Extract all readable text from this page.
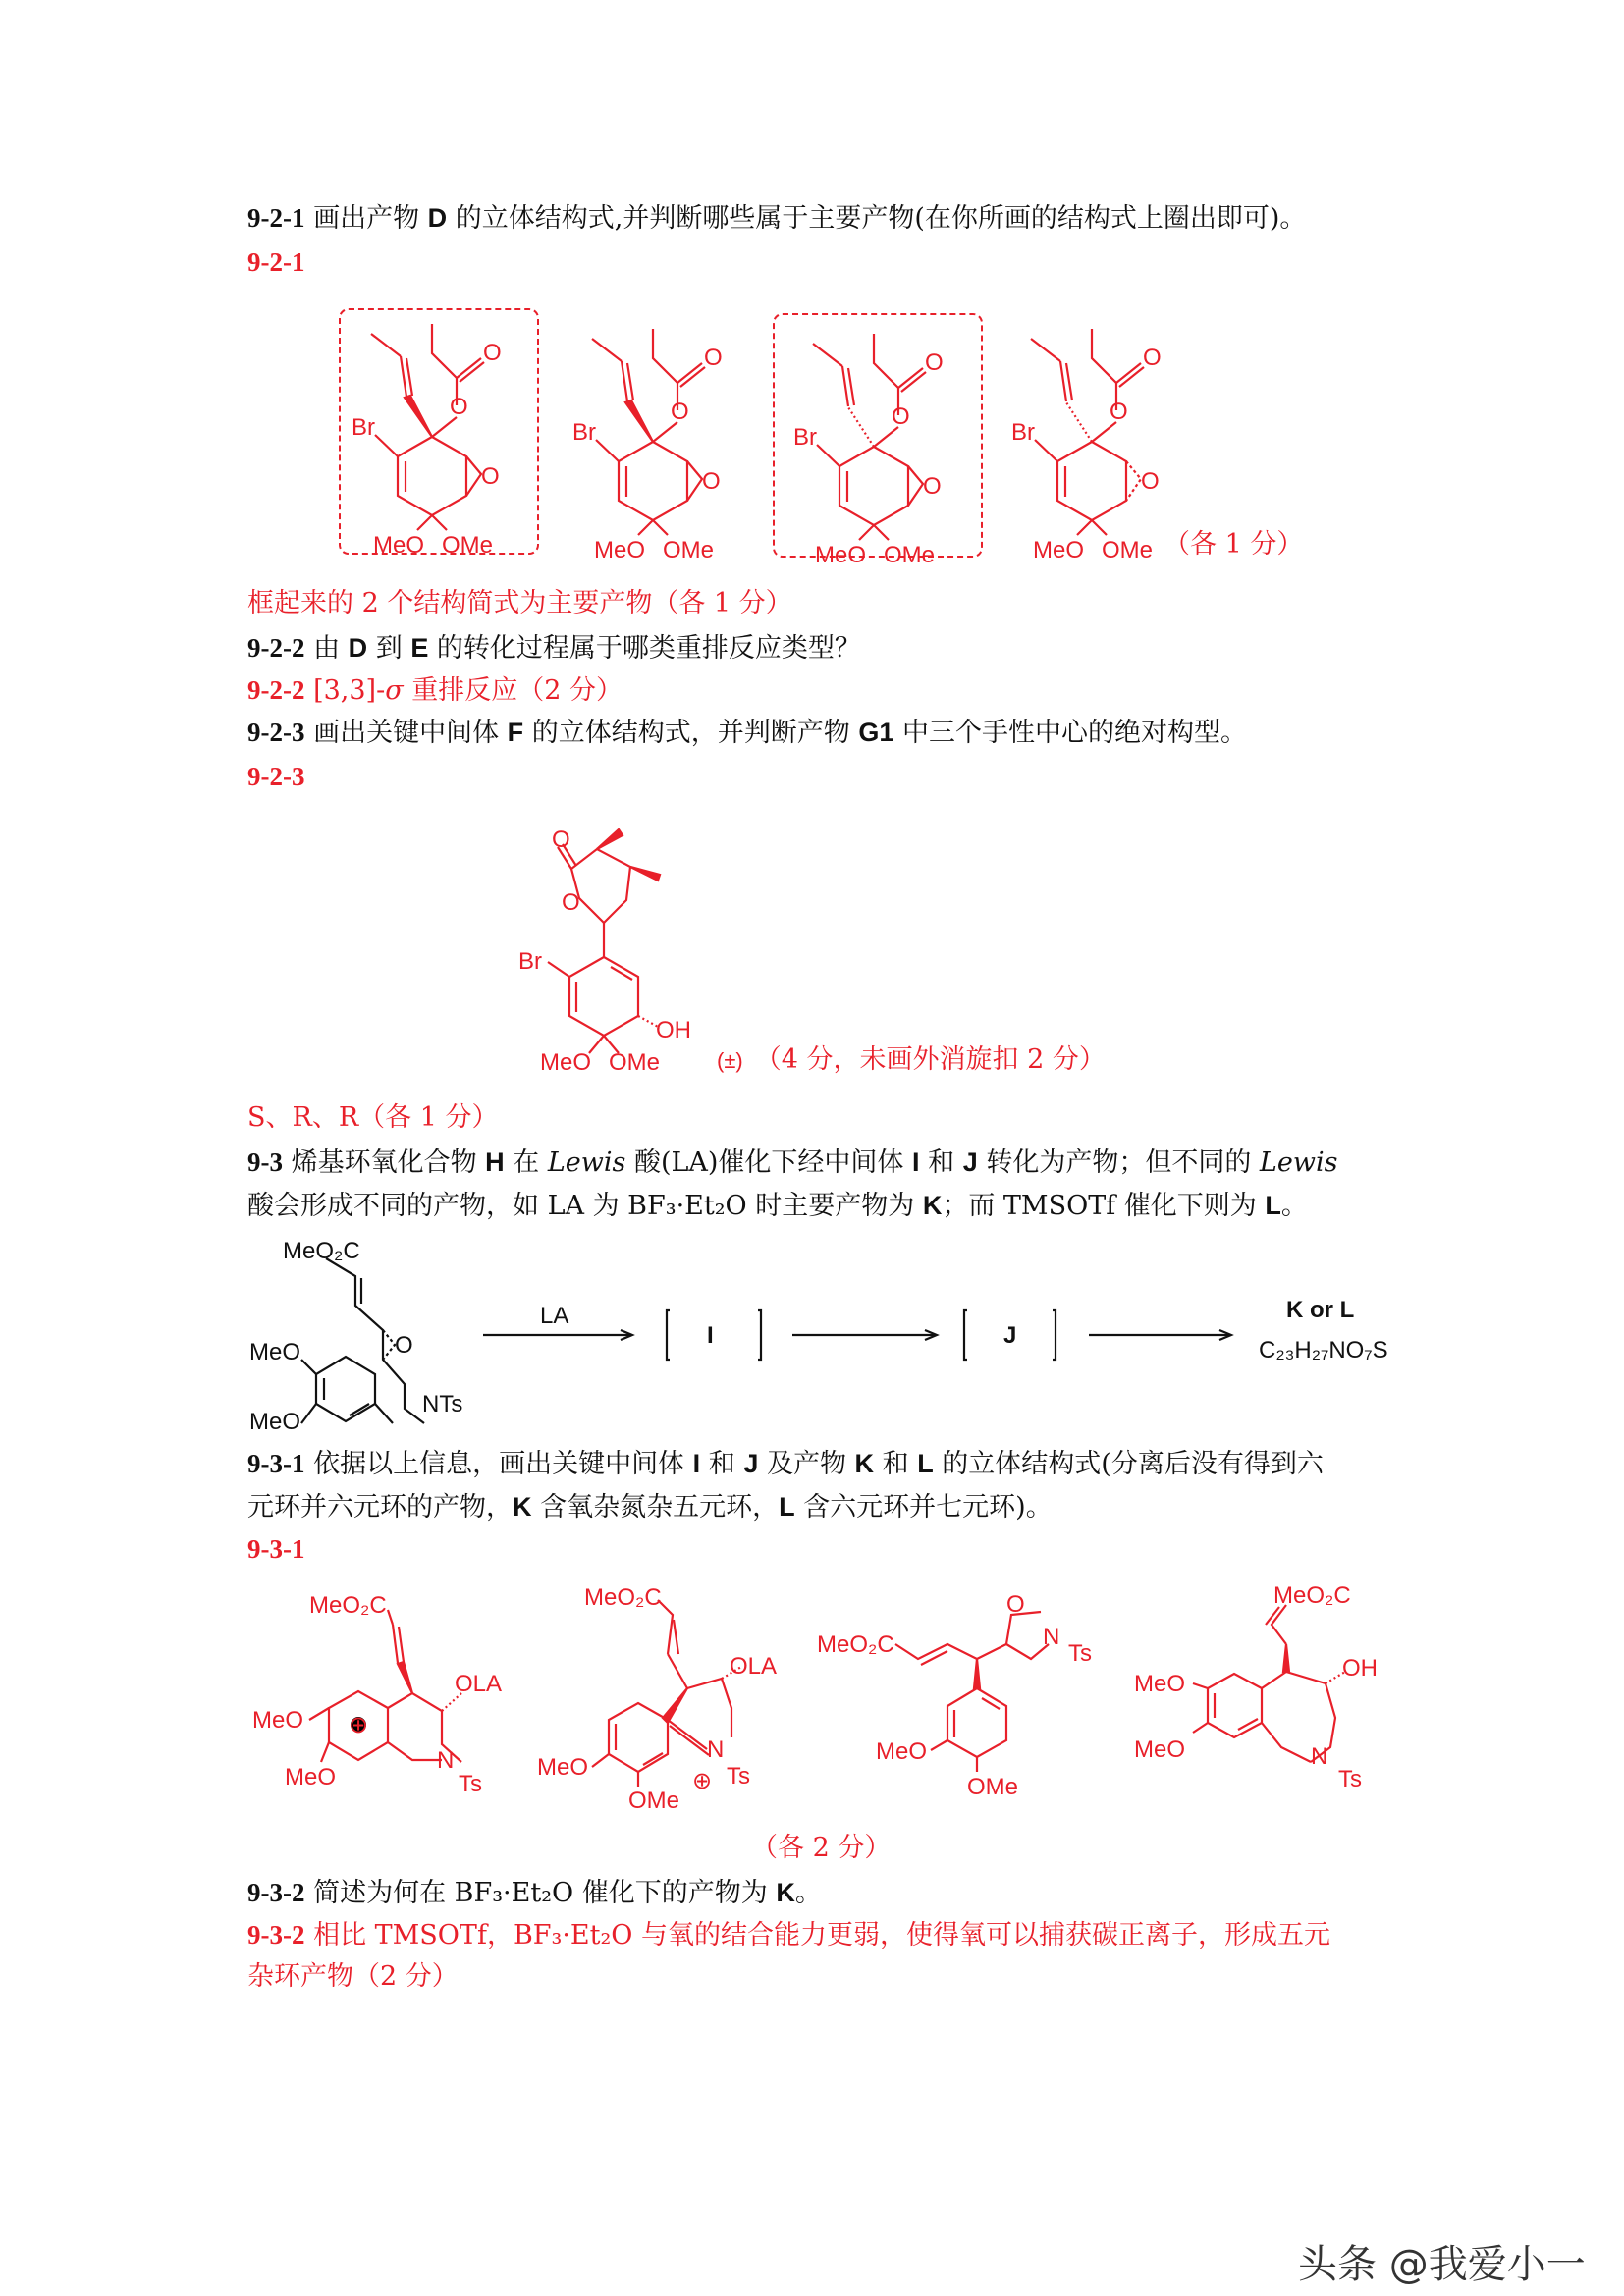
9-2-1 画出产物 D 的立体结构式,并判断哪些属于主要产物(在你所画的结构式上圈出即可)。
9-2-1
Br
O
O
O
MeO OMe
Br
O
O
O
MeO OMe
Br
O
O
O
MeO OMe
Br
O
O
O
MeO OMe （各 1 分）
框起来的 2 个结构简式为主要产物（各 1 分）
9-2-2 由 D 到 E 的转化过程属于哪类重排反应类型？
9-2-2 [3,3]-σ 重排反应（2 分）
9-2-3 画出关键中间体 F 的立体结构式，并判断产物 G1 中三个手性中心的绝对构型。
9-2-3
O
O
Br
OH
MeO OMe	(±) （4 分，未画外消旋扣 2 分）
S、R、R（各 1 分）
9-3 烯基环氧化合物 H 在 Lewis 酸(LA)催化下经中间体 I 和 J 转化为产物；但不同的 Lewis
酸会形成不同的产物，如 LA 为 BF₃·Et₂O 时主要产物为 K；而 TMSOTf 催化下则为 L。
MeO₂C
O
MeO
MeO
NTs
LA
I	J
K or L
C₂₃H₂₇NO₇S
9-3-1 依据以上信息，画出关键中间体 I 和 J 及产物 K 和 L 的立体结构式(分离后没有得到六
元环并六元环的产物，K 含氧杂氮杂五元环，L 含六元环并七元环)。
9-3-1
MeO₂C
OLA
MeO
MeO
⊕
N
Ts
MeO₂C
OLA
MeO
OMe
N
⊕ Ts
MeO₂C
O
N
Ts
MeO
OMe
MeO₂C
OH
MeO
MeO	N
Ts
（各 2 分）
9-3-2 简述为何在 BF₃·Et₂O 催化下的产物为 K。
9-3-2 相比 TMSOTf，BF₃·Et₂O 与氧的结合能力更弱，使得氧可以捕获碳正离子，形成五元
杂环产物（2 分）
头条 @我爱小一
